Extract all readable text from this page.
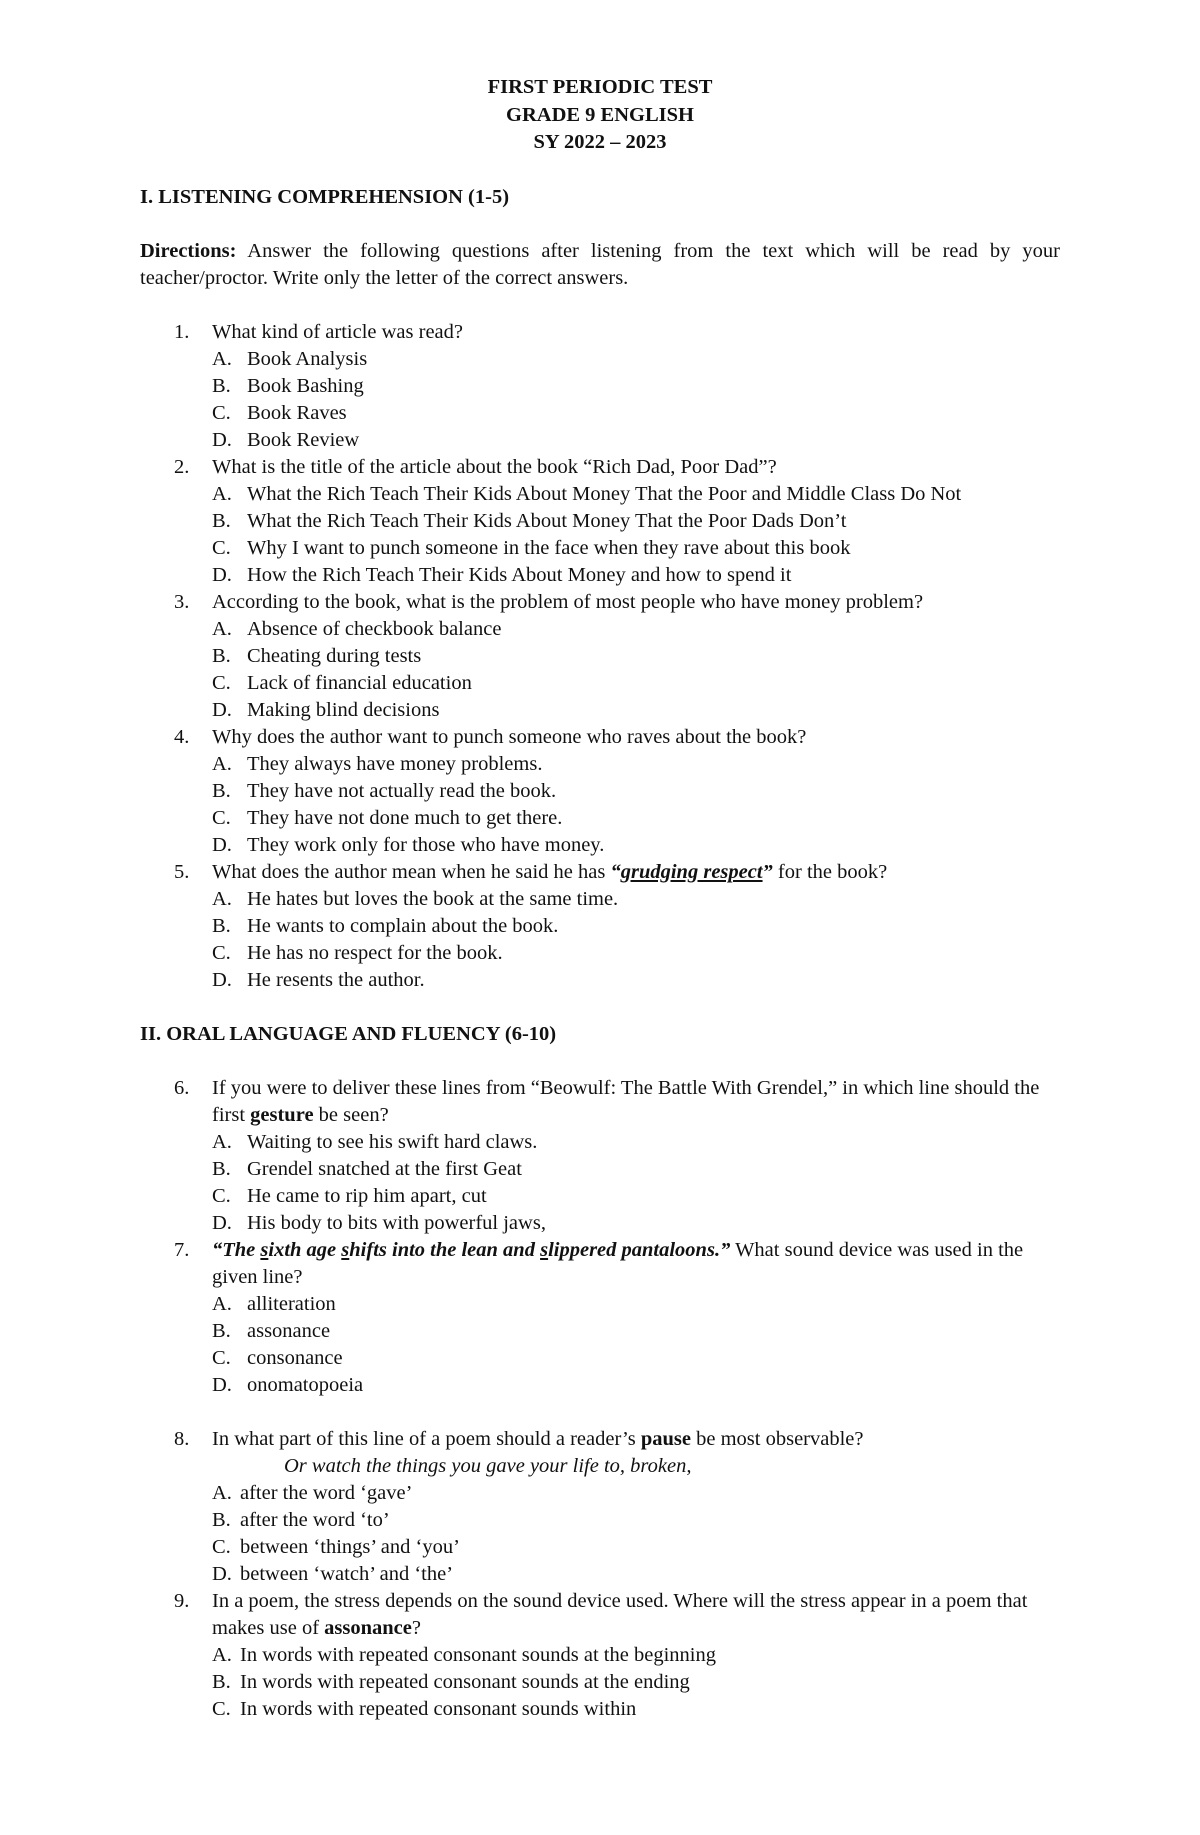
FIRST PERIODIC TEST
GRADE 9 ENGLISH
SY 2022 – 2023
I. LISTENING COMPREHENSION (1-5)
Directions: Answer the following questions after listening from the text which will be read by your teacher/proctor. Write only the letter of the correct answers.
1. What kind of article was read?
A. Book Analysis
B. Book Bashing
C. Book Raves
D. Book Review
2. What is the title of the article about the book “Rich Dad, Poor Dad”?
A. What the Rich Teach Their Kids About Money That the Poor and Middle Class Do Not
B. What the Rich Teach Their Kids About Money That the Poor Dads Don’t
C. Why I want to punch someone in the face when they rave about this book
D. How the Rich Teach Their Kids About Money and how to spend it
3. According to the book, what is the problem of most people who have money problem?
A. Absence of checkbook balance
B. Cheating during tests
C. Lack of financial education
D. Making blind decisions
4. Why does the author want to punch someone who raves about the book?
A. They always have money problems.
B. They have not actually read the book.
C. They have not done much to get there.
D. They work only for those who have money.
5. What does the author mean when he said he has “grudging respect” for the book?
A. He hates but loves the book at the same time.
B. He wants to complain about the book.
C. He has no respect for the book.
D. He resents the author.
II. ORAL LANGUAGE AND FLUENCY (6-10)
6. If you were to deliver these lines from “Beowulf: The Battle With Grendel,” in which line should the first gesture be seen?
A. Waiting to see his swift hard claws.
B. Grendel snatched at the first Geat
C. He came to rip him apart, cut
D. His body to bits with powerful jaws,
7. “The sixth age shifts into the lean and slippered pantaloons.” What sound device was used in the given line?
A. alliteration
B. assonance
C. consonance
D. onomatopoeia
8. In what part of this line of a poem should a reader’s pause be most observable?
Or watch the things you gave your life to, broken,
A. after the word ‘gave’
B. after the word ‘to’
C. between ‘things’ and ‘you’
D. between ‘watch’ and ‘the’
9. In a poem, the stress depends on the sound device used. Where will the stress appear in a poem that makes use of assonance?
A. In words with repeated consonant sounds at the beginning
B. In words with repeated consonant sounds at the ending
C. In words with repeated consonant sounds within
